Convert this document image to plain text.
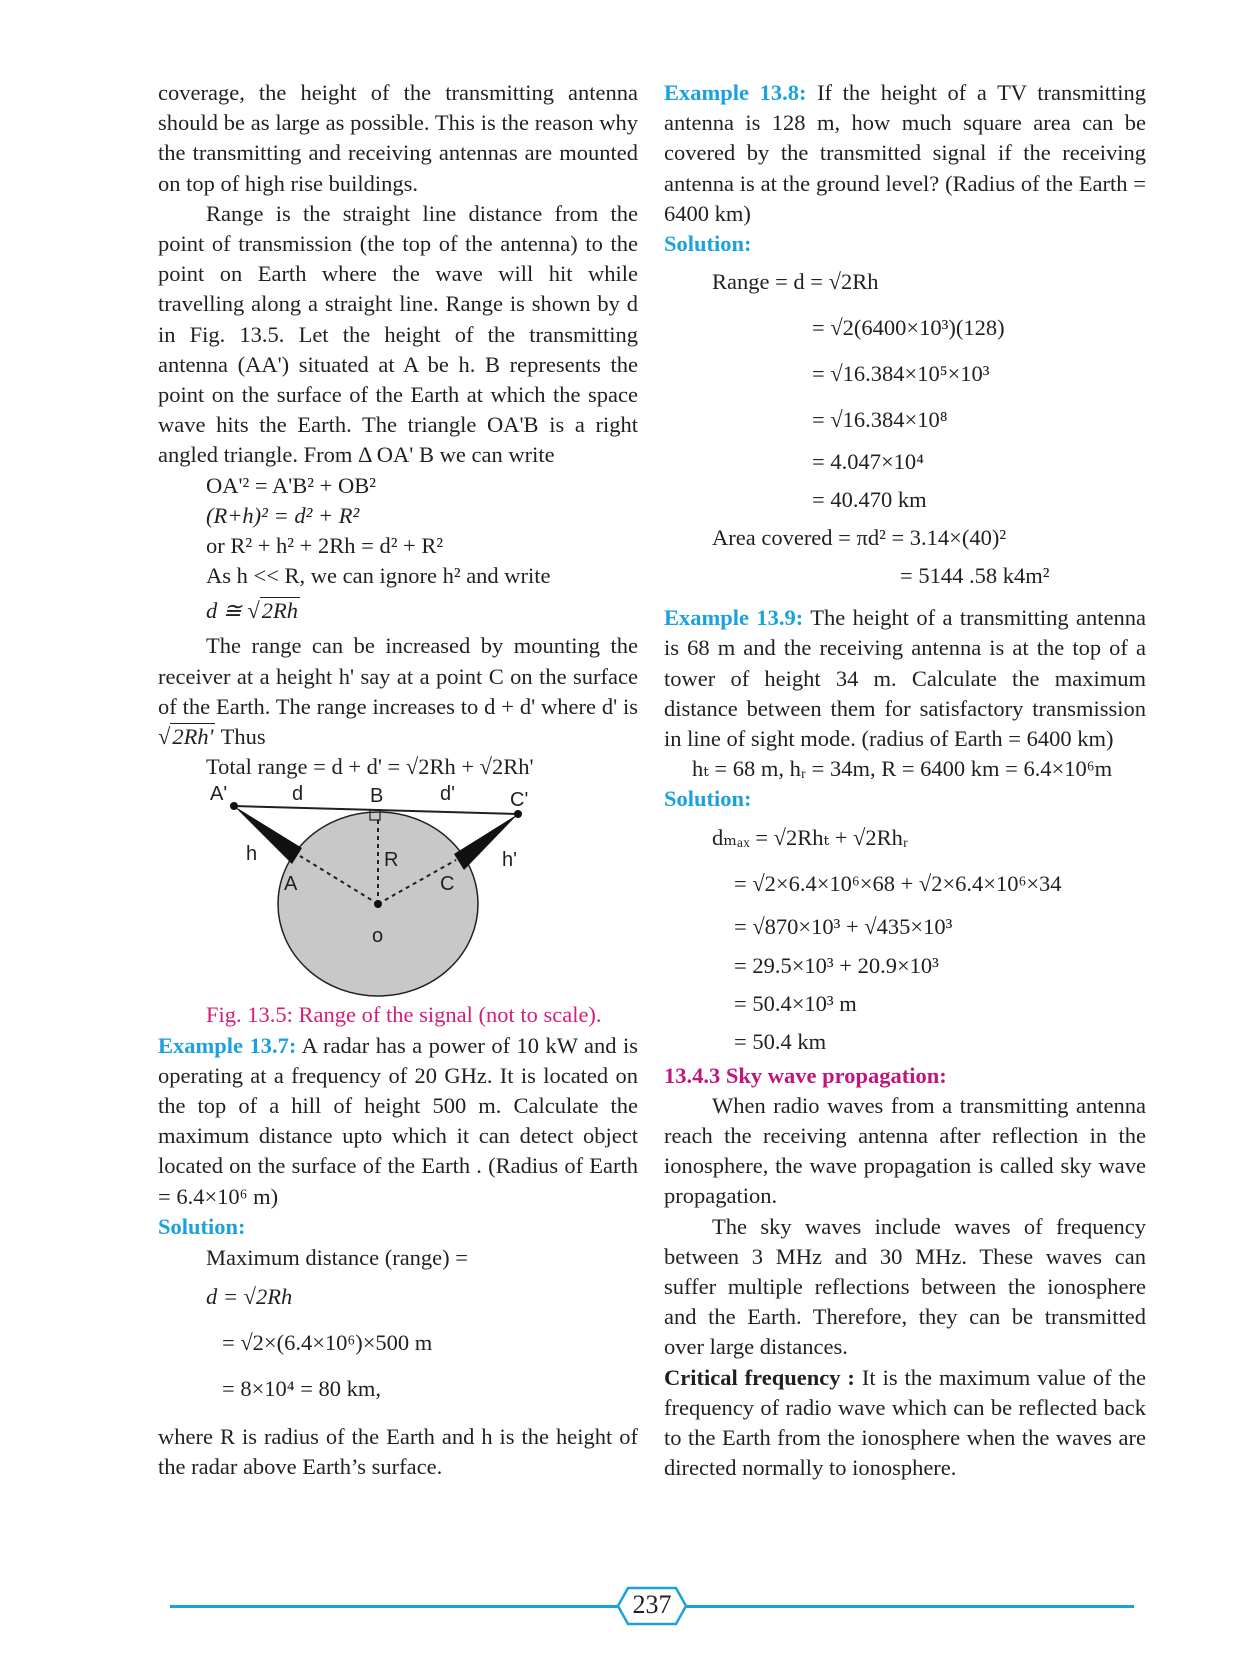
coverage, the height of the transmitting antenna should be as large as possible. This is the reason why the transmitting and receiving antennas are mounted on top of high rise buildings.

Range is the straight line distance from the point of transmission (the top of the antenna) to the point on Earth where the wave will hit while travelling along a straight line. Range is shown by d in Fig. 13.5. Let the height of the transmitting antenna (AA') situated at A be h. B represents the point on the surface of the Earth at which the space wave hits the Earth. The triangle OA'B is a right angled triangle. From Δ OA' B we can write

OA'² = A'B² + OB²

(R+h)² = d² + R²

or R² + h² + 2Rh = d² + R²

As h << R, we can ignore h² and write

d ≅ √2Rh

The range can be increased by mounting the receiver at a height h' say at a point C on the surface of the Earth. The range increases to d + d' where d' is √2Rh' Thus

Total range = d + d' = √2Rh + √2Rh'

A'	d	B	d'	C'
h	R	h'
A	C
o

Fig. 13.5: Range of the signal (not to scale).

Example 13.7: A radar has a power of 10 kW and is operating at a frequency of 20 GHz. It is located on the top of a hill of height 500 m. Calculate the maximum distance upto which it can detect object located on the surface of the Earth . (Radius of Earth = 6.4×10⁶ m)

Solution:

Maximum distance (range) =
d = √2Rh
= √2×(6.4×10⁶)×500 m
= 8×10⁴ = 80 km,

where R is radius of the Earth and h is the height of the radar above Earth’s surface.

Example 13.8: If the height of a TV transmitting antenna is 128 m, how much square area can be covered by the transmitted signal if the receiving antenna is at the ground level? (Radius of the Earth = 6400 km)

Solution:

Range = d = √2Rh
= √2(6400×10³)(128)
= √16.384×10⁵×10³
= √16.384×10⁸
= 4.047×10⁴
= 40.470 km
Area covered = πd² = 3.14×(40)²
= 5144 .58 k4m²

Example 13.9: The height of a transmitting antenna is 68 m and the receiving antenna is at the top of a tower of height 34 m. Calculate the maximum distance between them for satisfactory transmission in line of sight mode. (radius of Earth = 6400 km)

hₜ = 68 m, hᵣ = 34m, R = 6400 km = 6.4×10⁶m

Solution:

dₘₐₓ = √2Rhₜ + √2Rhᵣ
= √2×6.4×10⁶×68 + √2×6.4×10⁶×34
= √870×10³ + √435×10³
= 29.5×10³ + 20.9×10³
= 50.4×10³ m
= 50.4 km

13.4.3 Sky wave propagation:

When radio waves from a transmitting antenna reach the receiving antenna after reflection in the ionosphere, the wave propagation is called sky wave propagation.

The sky waves include waves of frequency between 3 MHz and 30 MHz. These waves can suffer multiple reflections between the ionosphere and the Earth. Therefore, they can be transmitted over large distances.

Critical frequency : It is the maximum value of the frequency of radio wave which can be reflected back to the Earth from the ionosphere when the waves are directed normally to ionosphere.

237
